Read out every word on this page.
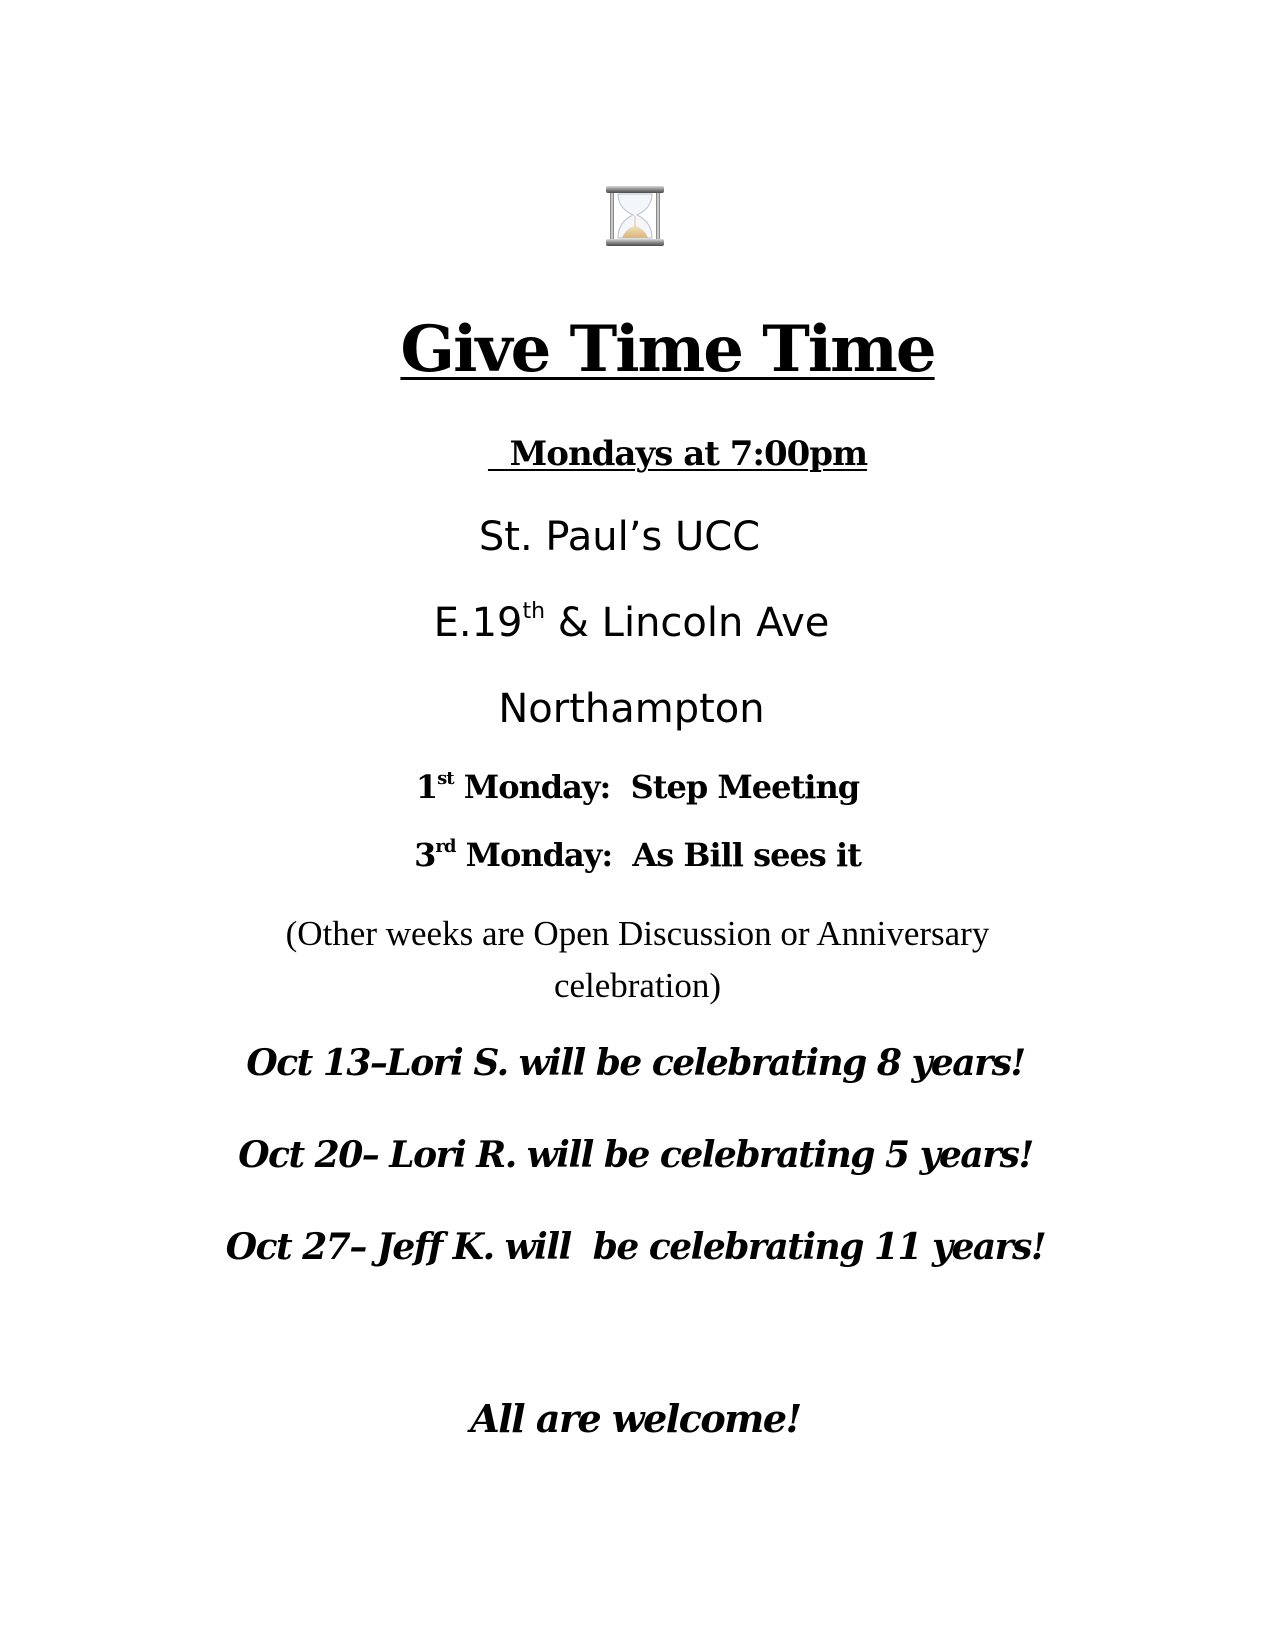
Give Time Time
Mondays at 7:00pm
St. Paul’s UCC
E.19th & Lincoln Ave
Northampton
1st Monday:  Step Meeting
3rd Monday:  As Bill sees it
(Other weeks are Open Discussion or Anniversary
celebration)
Oct 13–Lori S. will be celebrating 8 years!
Oct 20– Lori R. will be celebrating 5 years!
Oct 27– Jeff K. will  be celebrating 11 years!
All are welcome!
